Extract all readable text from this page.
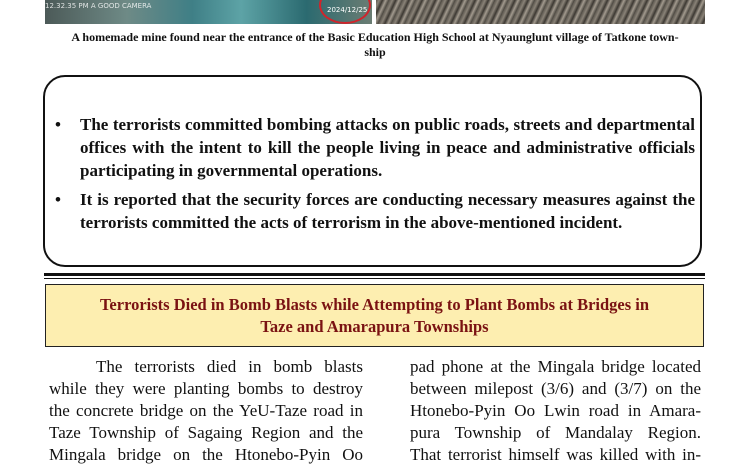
12.32.35 PM A GOOD CAMERA	2024/12/25
A homemade mine found near the entrance of the Basic Education High School at Nyaunglunt village of Tatkone town-
ship
• The terrorists committed bombing attacks on public roads, streets and departmental offices with the intent to kill the people living in peace and administrative officials participating in governmental operations.
• It is reported that the security forces are conducting necessary measures against the terrorists committed the acts of terrorism in the above-mentioned incident.
Terrorists Died in Bomb Blasts while Attempting to Plant Bombs at Bridges in
Taze and Amarapura Townships
The terrorists died in bomb blasts
while they were planting bombs to destroy
the concrete bridge on the YeU-Taze road in
Taze Township of Sagaing Region and the
Mingala bridge on the Htonebo-Pyin Oo
pad phone at the Mingala bridge located
between milepost (3/6) and (3/7) on the
Htonebo-Pyin Oo Lwin road in Amara-
pura Township of Mandalay Region.
That terrorist himself was killed with in-
